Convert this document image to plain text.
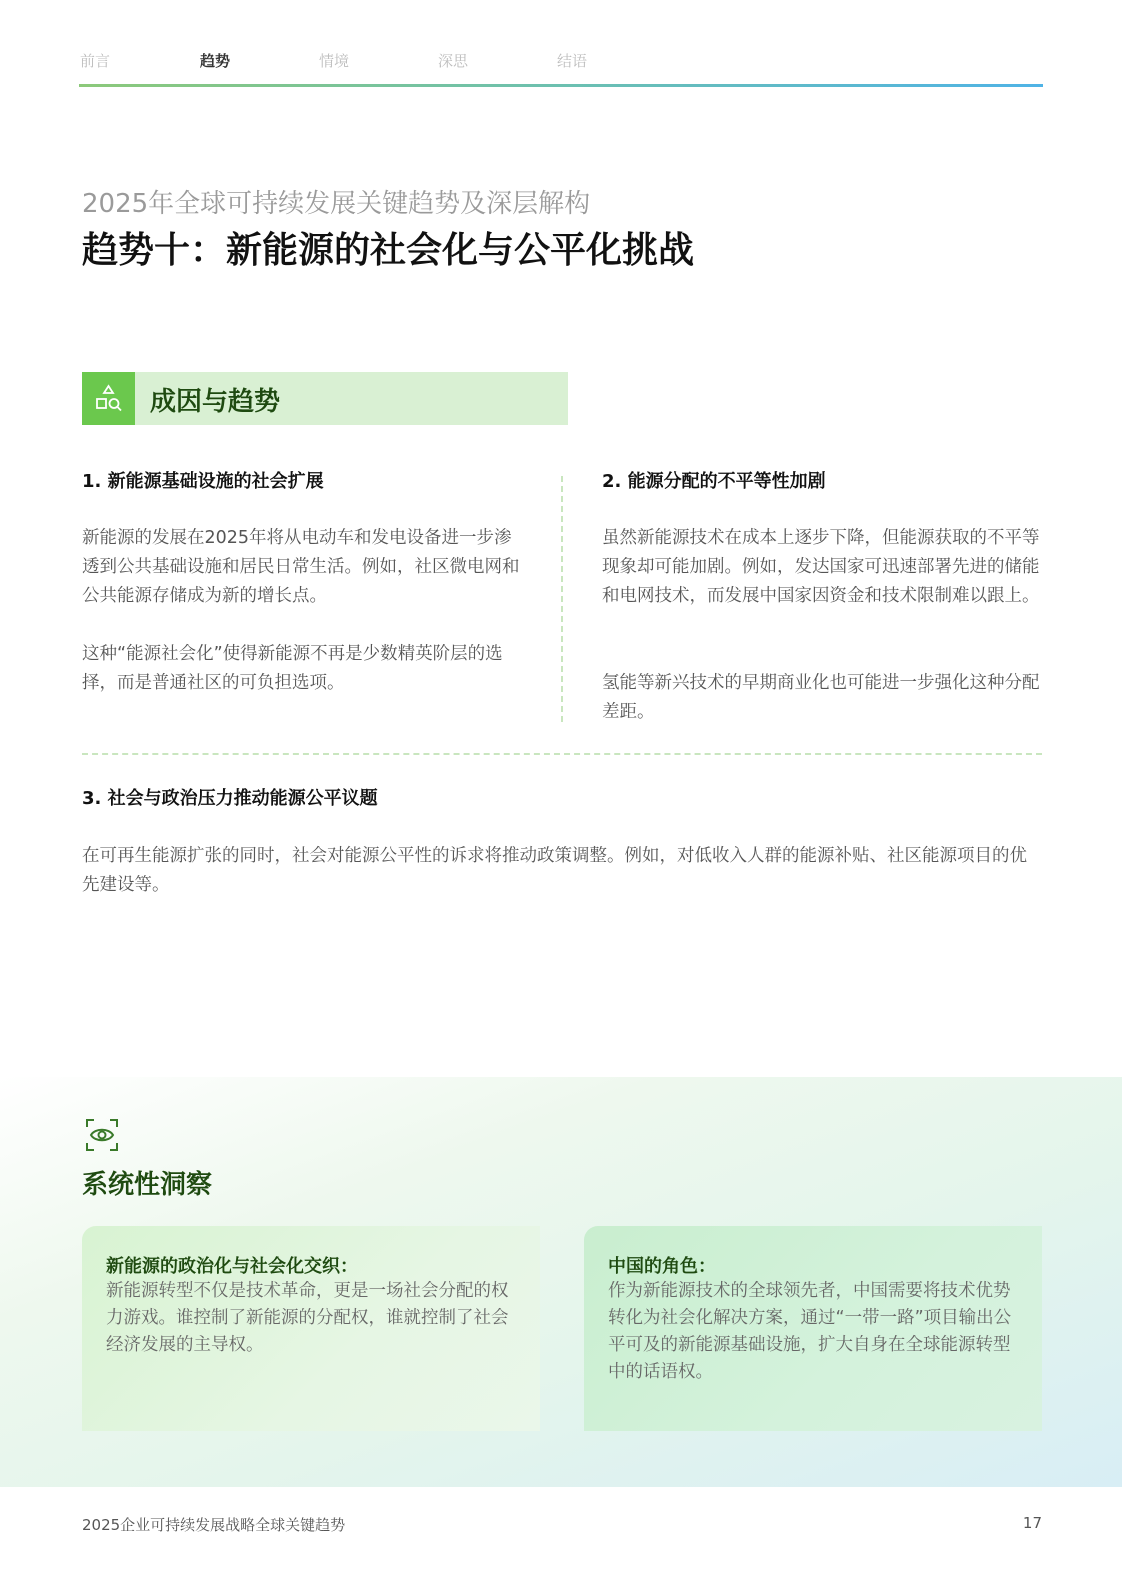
前言	趋势	情境	深思	结语
2025年全球可持续发展关键趋势及深层解构
趋势十：新能源的社会化与公平化挑战
成因与趋势
1. 新能源基础设施的社会扩展

新能源的发展在2025年将从电动车和发电设备进一步渗透到公共基础设施和居民日常生活。例如，社区微电网和公共能源存储成为新的增长点。

这种“能源社会化”使得新能源不再是少数精英阶层的选择，而是普通社区的可负担选项。

2. 能源分配的不平等性加剧

虽然新能源技术在成本上逐步下降，但能源获取的不平等现象却可能加剧。例如，发达国家可迅速部署先进的储能和电网技术，而发展中国家因资金和技术限制难以跟上。

氢能等新兴技术的早期商业化也可能进一步强化这种分配差距。

3. 社会与政治压力推动能源公平议题

在可再生能源扩张的同时，社会对能源公平性的诉求将推动政策调整。例如，对低收入人群的能源补贴、社区能源项目的优先建设等。

系统性洞察
新能源的政治化与社会化交织：

新能源转型不仅是技术革命，更是一场社会分配的权力游戏。谁控制了新能源的分配权，谁就控制了社会经济发展的主导权。

中国的角色：

作为新能源技术的全球领先者，中国需要将技术优势转化为社会化解决方案，通过“一带一路”项目输出公平可及的新能源基础设施，扩大自身在全球能源转型中的话语权。

2025企业可持续发展战略全球关键趋势	17
